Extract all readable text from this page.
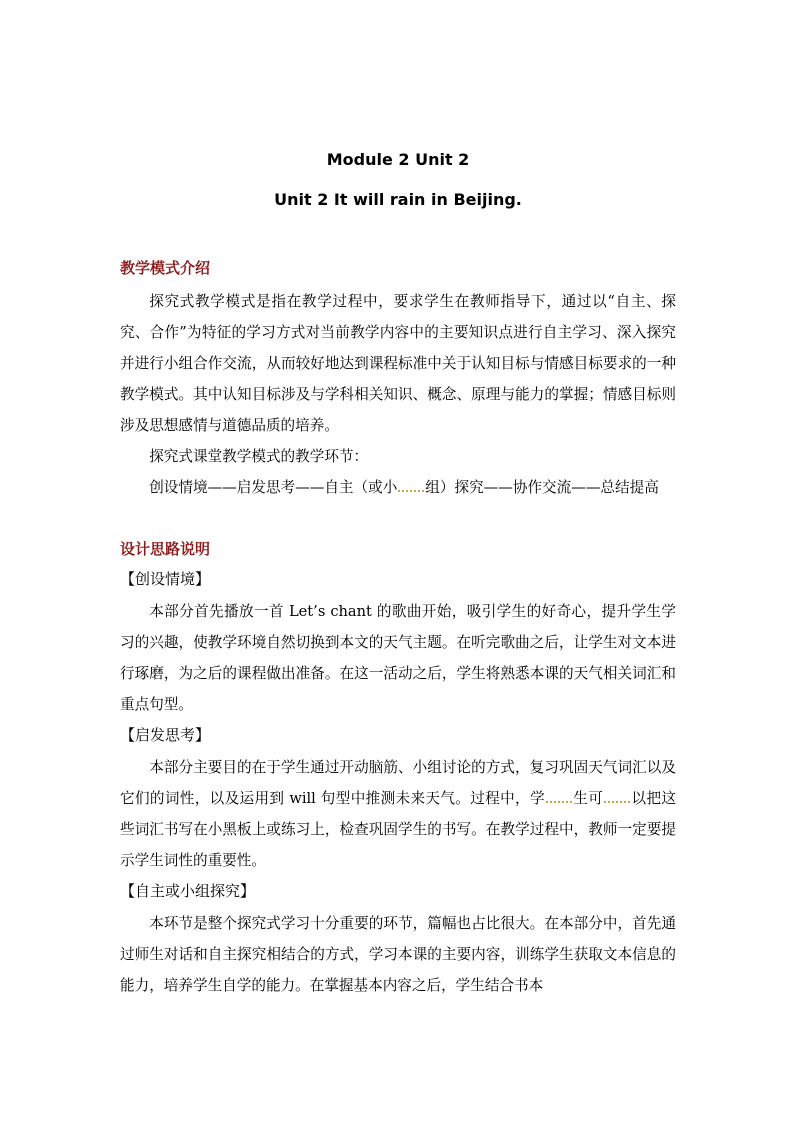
Module 2 Unit 2
Unit 2 It will rain in Beijing.
教学模式介绍
探究式教学模式是指在教学过程中，要求学生在教师指导下，通过以“自主、探究、合作”为特征的学习方式对当前教学内容中的主要知识点进行自主学习、深入探究并进行小组合作交流，从而较好地达到课程标准中关于认知目标与情感目标要求的一种教学模式。其中认知目标涉及与学科相关知识、概念、原理与能力的掌握；情感目标则涉及思想感情与道德品质的培养。
探究式课堂教学模式的教学环节：
创设情境——启发思考——自主（或小 组）探究——协作交流——总结提高
设计思路说明
【创设情境】
本部分首先播放一首 Let’s chant 的歌曲开始，吸引学生的好奇心，提升学生学习的兴趣，使教学环境自然切换到本文的天气主题。在听完歌曲之后，让学生对文本进行琢磨，为之后的课程做出准备。在这一活动之后，学生将熟悉本课的天气相关词汇和重点句型。
【启发思考】
本部分主要目的在于学生通过开动脑筋、小组讨论的方式，复习巩固天气词汇以及它们的词性，以及运用到 will 句型中推测未来天气。过程中，学 生可 以把这些词汇书写在小黑板上或练习上，检查巩固学生的书写。在教学过程中，教师一定要提示学生词性的重要性。
【自主或小组探究】
本环节是整个探究式学习十分重要的环节，篇幅也占比很大。在本部分中，首先通过师生对话和自主探究相结合的方式，学习本课的主要内容，训练学生获取文本信息的能力，培养学生自学的能力。在掌握基本内容之后，学生结合书本
